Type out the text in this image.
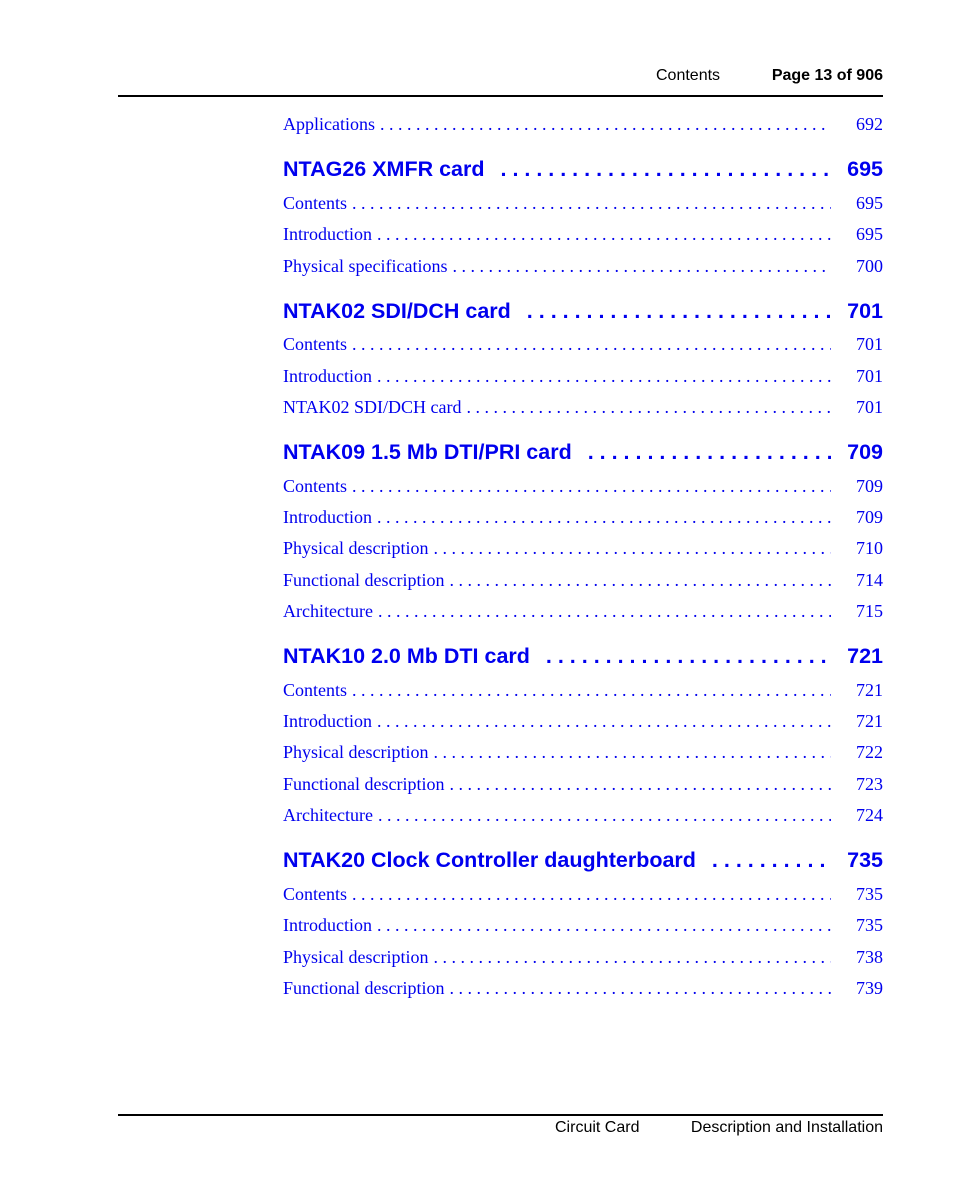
Contents	Page 13 of 906
Applications . . .	692
NTAG26 XMFR card . . .	695
Contents . . .	695
Introduction . . .	695
Physical specifications . . .	700
NTAK02 SDI/DCH card . . .	701
Contents . . .	701
Introduction . . .	701
NTAK02 SDI/DCH card . . .	701
NTAK09 1.5 Mb DTI/PRI card . . .	709
Contents . . .	709
Introduction . . .	709
Physical description . . .	710
Functional description . . .	714
Architecture . . .	715
NTAK10 2.0 Mb DTI card . . .	721
Contents . . .	721
Introduction . . .	721
Physical description . . .	722
Functional description . . .	723
Architecture . . .	724
NTAK20 Clock Controller daughterboard . . .	735
Contents . . .	735
Introduction . . .	735
Physical description . . .	738
Functional description . . .	739
Circuit Card	Description and Installation
